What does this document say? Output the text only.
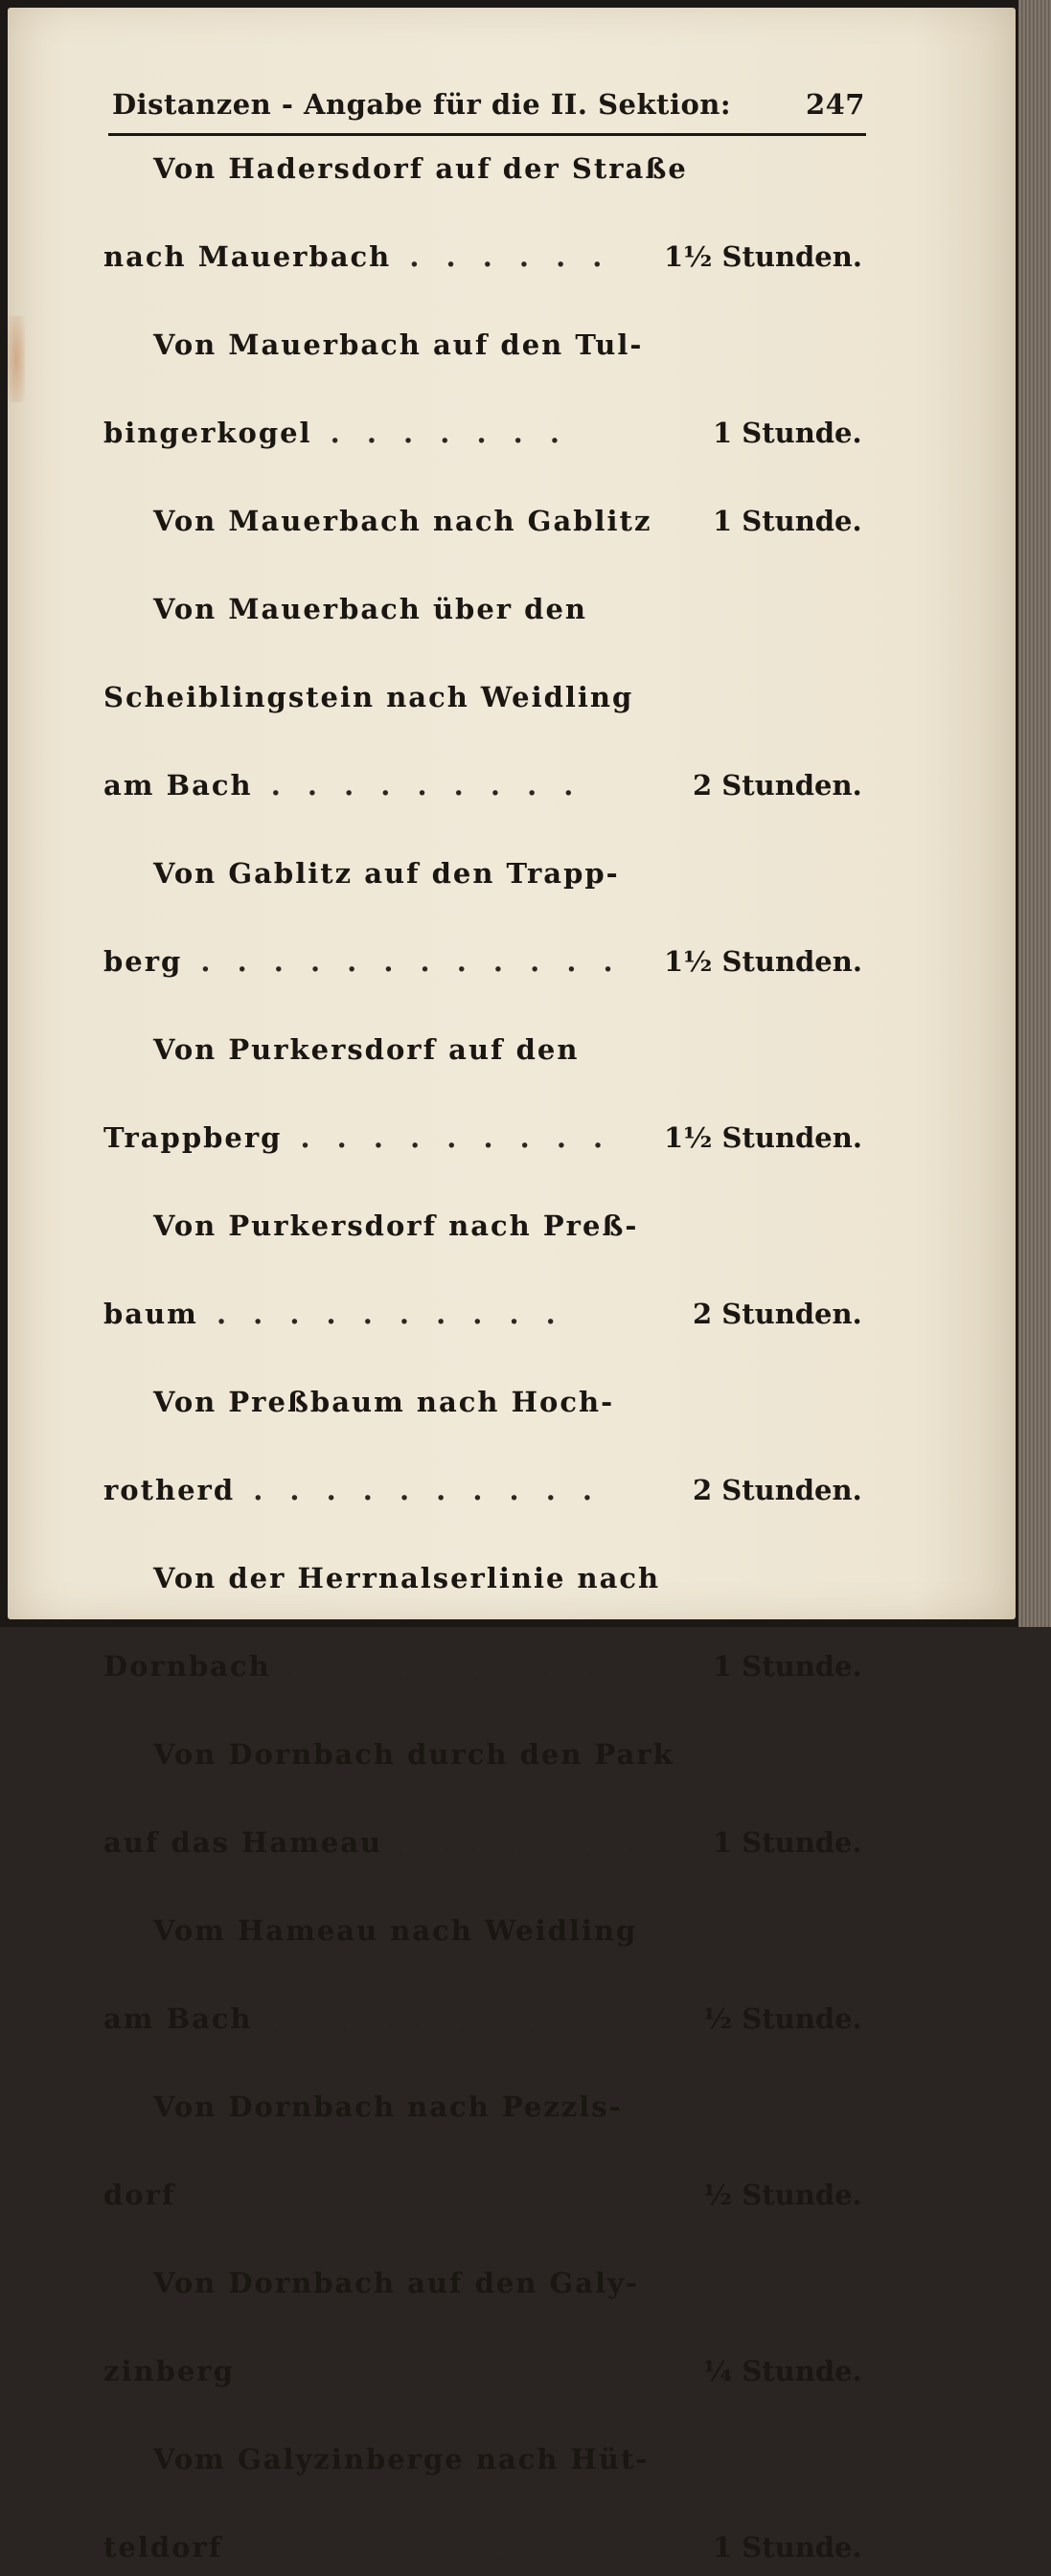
Distanzen - Angabe für die II. Sektion:	247
Von Hadersdorf auf der Straße
nach Mauerbach . . . . . . 1½ Stunden.
Von Mauerbach auf den Tul-
bingerkogel . . . . . . .	1 Stunde.
Von Mauerbach nach Gablitz 1 Stunde.
Von Mauerbach über den
Scheiblingstein nach Weidling
am Bach . . . . . . . . .	2 Stunden.
Von Gablitz auf den Trapp-
berg . . . . . . . . . . . . 1½ Stunden.
Von Purkersdorf auf den
Trappberg . . . . . . . . . 1½ Stunden.
Von Purkersdorf nach Preß-
baum . . . . . . . . . .	2 Stunden.
Von Preßbaum nach Hoch-
rotherd . . . . . . . . . .	2 Stunden.
Von der Herrnalserlinie nach
Dornbach . . . . . . . . .	1 Stunde.
Von Dornbach durch den Park
auf das Hameau . . . . . . .	1 Stunde.
Vom Hameau nach Weidling
am Bach . . . . . . . . .	½ Stunde.
Von Dornbach nach Pezzls-
dorf . . . . . . . . . . . .	½ Stunde.
Von Dornbach auf den Galy-
zinberg . . . . . . . . . . . ¼ Stunde.
Vom Galyzinberge nach Hüt-
teldorf . . . . . . . . . . . . 1 Stunde.
